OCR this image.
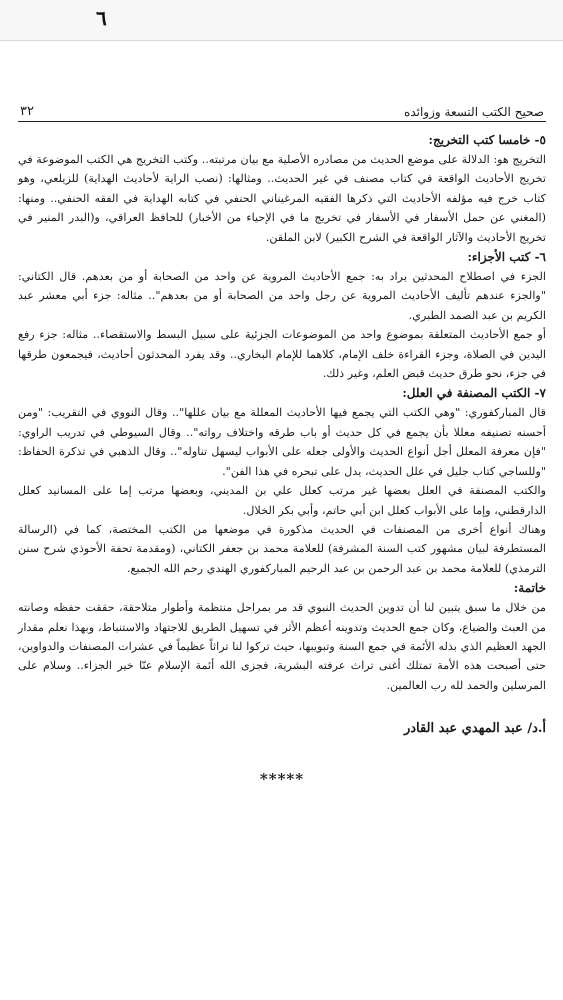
٦
صحيح الكتب التسعة وزوائده
٣٢
٥- خامسا كتب التخريج:

التخريج هو: الدلالة على موضع الحديث من مصادره الأصلية مع بيان مرتبته.. وكتب التخريج هي الكتب الموضوعة في تخريج الأحاديث الواقعة في كتاب مصنف في غير الحديث.. ومثالها: (نصب الراية لأحاديث الهداية) للزيلعي، وهو كتاب خرج فيه مؤلفه الأحاديث التي ذكرها الفقيه المرغيناني الحنفي في كتابه الهداية في الفقه الحنفي.. ومنها: (المغني عن حمل الأسفار في الأسفار في تخريج ما في الإحياء من الأخبار) للحافظ العراقي، و(البدر المنير في تخريج الأحاديث والآثار الواقعة في الشرح الكبير) لابن الملقن.

٦- كتب الأجزاء:

الجزء في اصطلاح المحدثين يراد به: جمع الأحاديث المروية عن واحد من الصحابة أو من بعدهم. قال الكتاني: "والجزء عندهم تأليف الأحاديث المروية عن رجل واحد من الصحابة أو من بعدهم".. مثاله: جزء أبي معشر عبد الكريم بن عبد الصمد الطبري.

أو جمع الأحاديث المتعلقة بموضوع واحد من الموضوعات الجزئية على سبيل البسط والاستقصاء.. مثاله: جزء رفع اليدين في الصلاة، وجزء القراءة خلف الإمام، كلاهما للإمام البخاري.. وقد يفرد المحدثون أحاديث، فيجمعون طرقها في جزء، نحو طرق حديث قبض العلم، وغير ذلك.

٧- الكتب المصنفة في العلل:

قال المباركفوري: "وهي الكتب التي يجمع فيها الأحاديث المعللة مع بيان عللها".. وقال النووي في التقريب: "ومن أحسنه تصنيفه معللا بأن يجمع في كل حديث أو باب طرقه واختلاف رواته".. وقال السيوطي في تدريب الراوي: "فإن معرفة المعلل أجل أنواع الحديث والأولى جعله على الأبواب ليسهل تناوله".. وقال الذهبي في تذكرة الحفاظ: "وللساجي كتاب جليل في علل الحديث، يدل على تبحره في هذا الفن".

والكتب المصنفة في العلل بعضها غير مرتب كعلل علي بن المديني، وبعضها مرتب إما على المسانيد كعلل الدارقطني، وإما على الأبواب كعلل ابن أبي حاتم، وأبي بكر الخلال.

وهناك أنواع أخرى من المصنفات في الحديث مذكورة في موضعها من الكتب المختصة، كما في (الرسالة المستطرفة لبيان مشهور كتب السنة المشرفة) للعلامة محمد بن جعفر الكتاني، (ومقدمة تحفة الأحوذي شرح سنن الترمذي) للعلامة محمد بن عبد الرحمن بن عبد الرحيم المباركفوري الهندي رحم الله الجميع.

خاتمة:

من خلال ما سبق يتبين لنا أن تدوين الحديث النبوي قد مر بمراحل منتظمة وأطوار متلاحقة، حققت حفظه وصانته من العبث والضياع، وكان جمع الحديث وتدوينه أعظم الأثر في تسهيل الطريق للاجتهاد والاستنباط، وبهذا نعلم مقدار الجهد العظيم الذي بذله الأئمة في جمع السنة وتبويبها، حيث تركوا لنا تراثاً عظيماً في عشرات المصنفات والدواوين، حتى أصبحت هذه الأمة تمتلك أغنى تراث عرفته البشرية، فجزى الله أئمة الإسلام عنّا خير الجزاء.. وسلام على المرسلين والحمد لله رب العالمين.

أ.د/ عبد المهدي عبد القادر
*****
